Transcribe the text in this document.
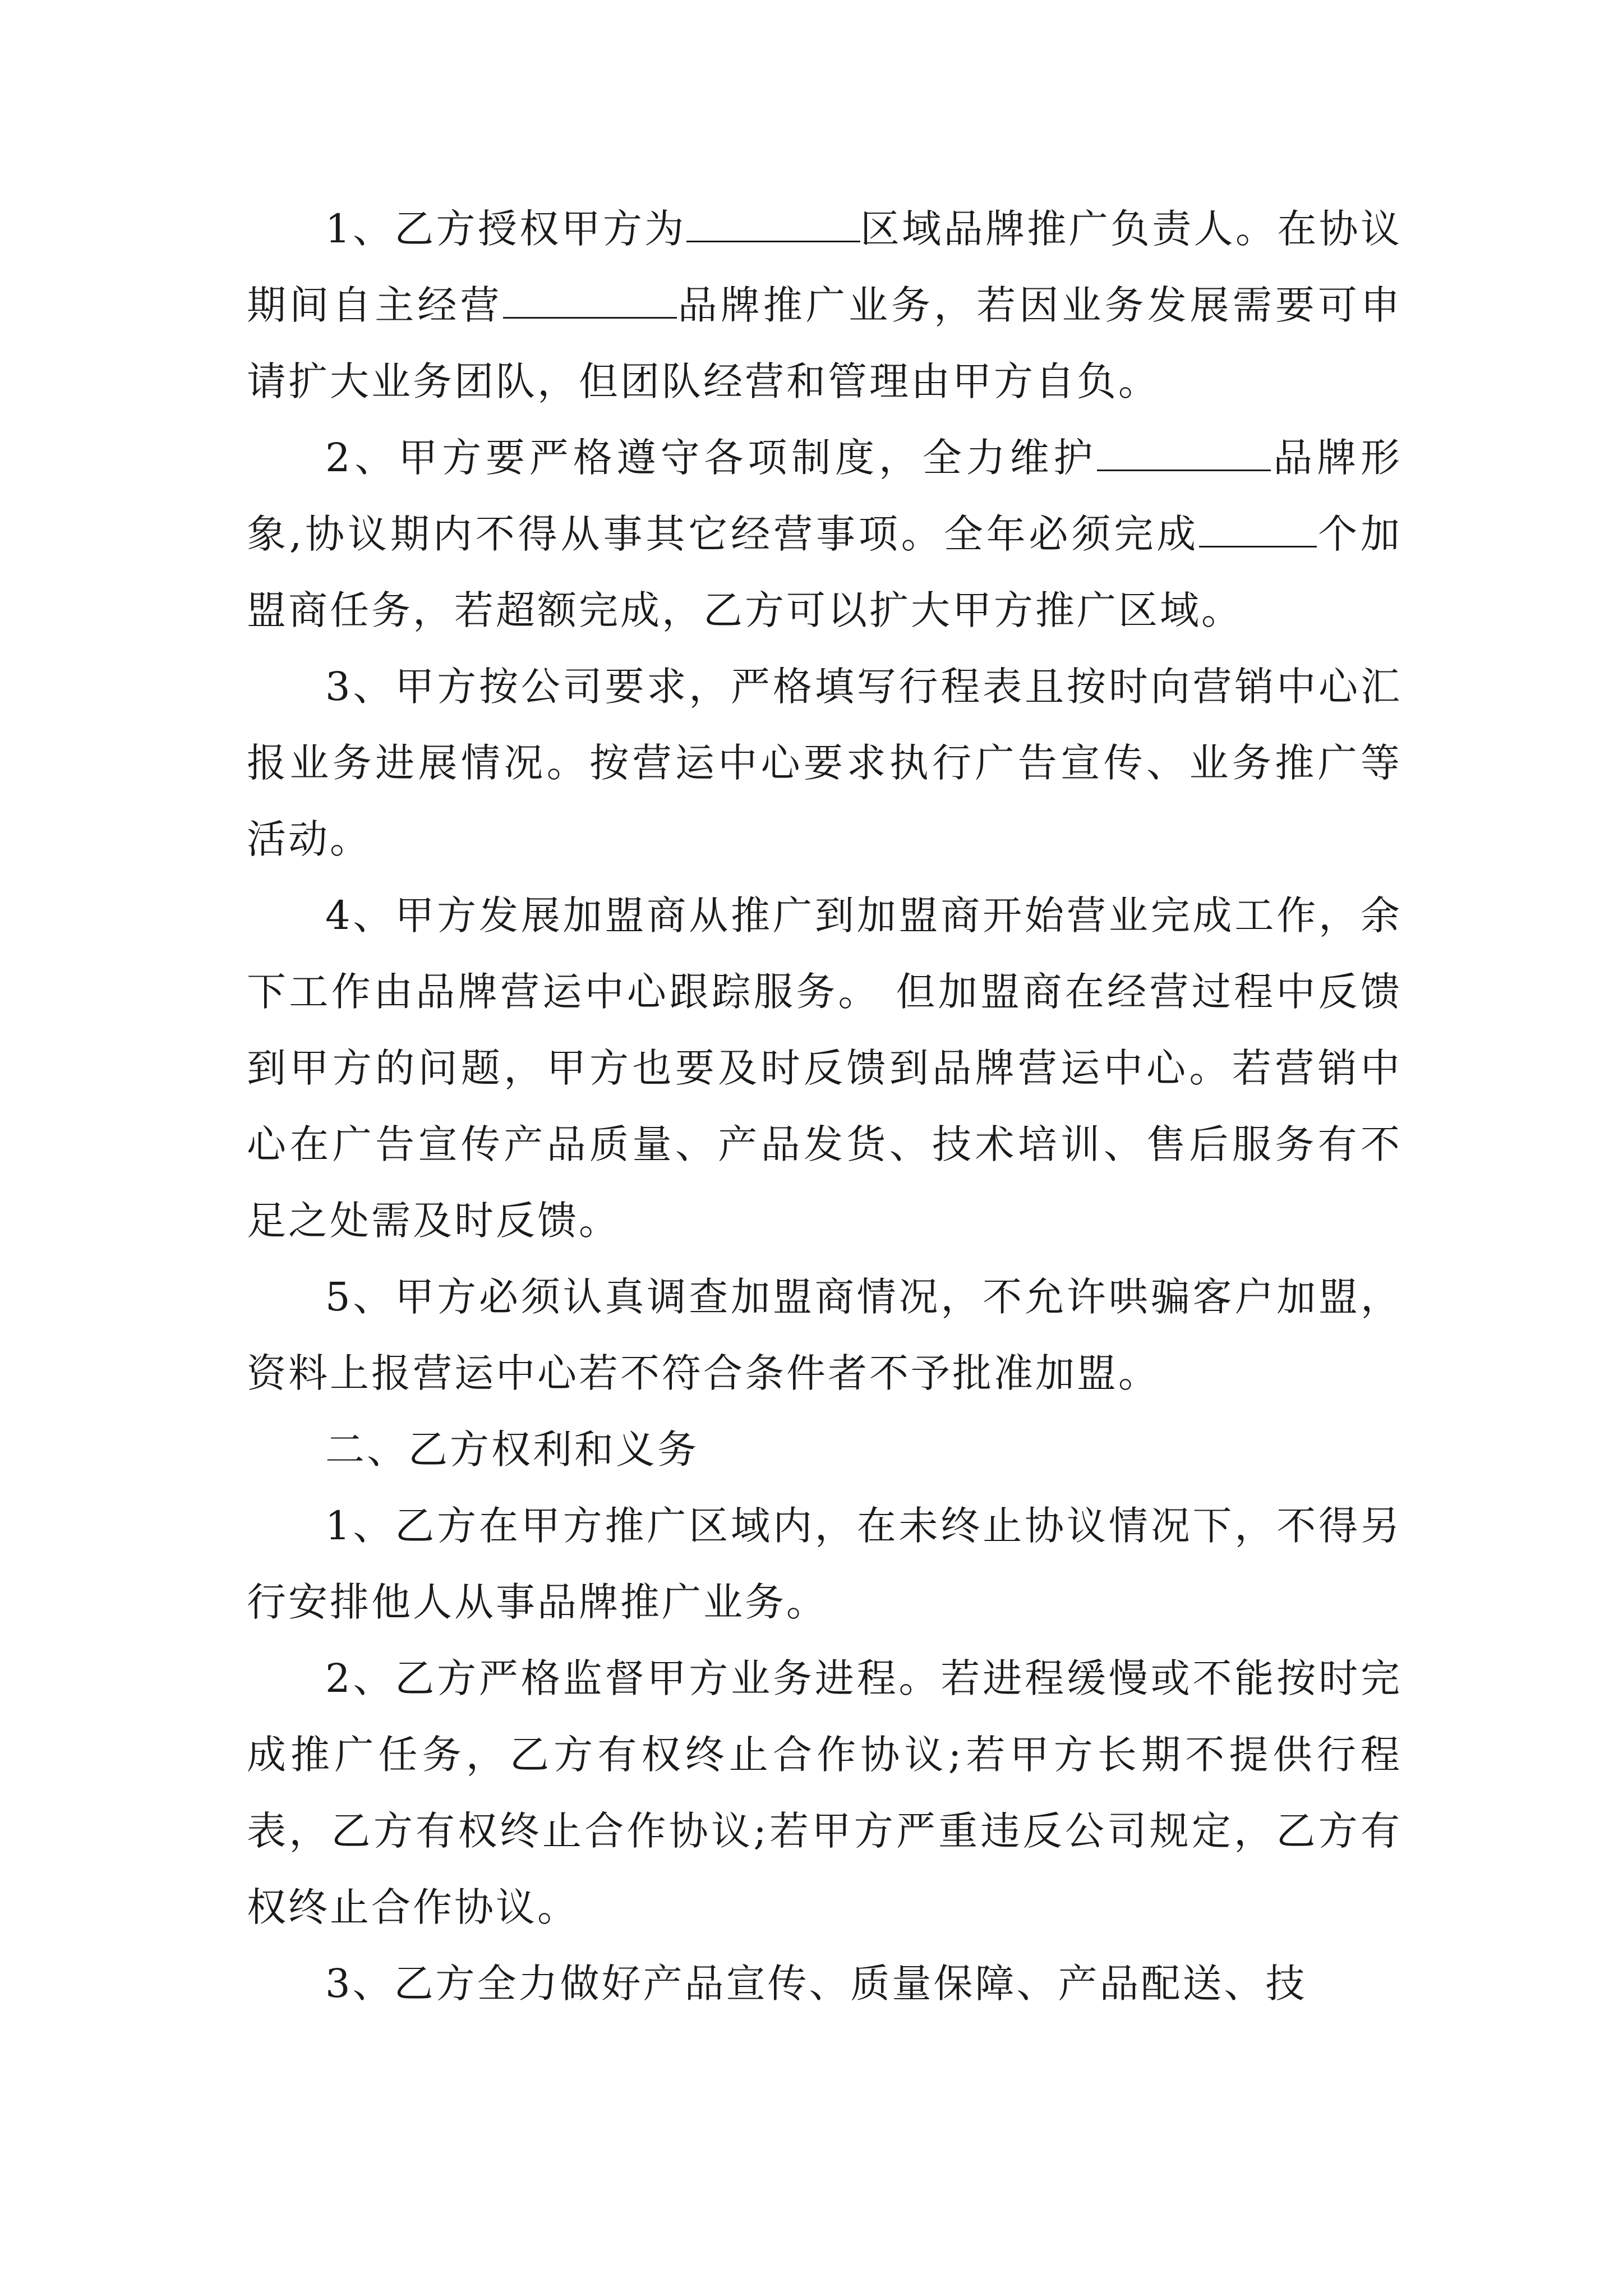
1、乙方授权甲方为	区域品牌推广负责人。在协议期间自主经营	品牌推广业务，若因业务发展需要可申请扩大业务团队，但团队经营和管理由甲方自负。

2、甲方要严格遵守各项制度，全力维护	品牌形象,协议期内不得从事其它经营事项。全年必须完成	个加盟商任务，若超额完成，乙方可以扩大甲方推广区域。

3、甲方按公司要求，严格填写行程表且按时向营销中心汇报业务进展情况。按营运中心要求执行广告宣传、业务推广等活动。

4、甲方发展加盟商从推广到加盟商开始营业完成工作，余下工作由品牌营运中心跟踪服务。 但加盟商在经营过程中反馈到甲方的问题，甲方也要及时反馈到品牌营运中心。若营销中心在广告宣传产品质量、产品发货、技术培训、售后服务有不足之处需及时反馈。

5、甲方必须认真调查加盟商情况，不允许哄骗客户加盟，资料上报营运中心若不符合条件者不予批准加盟。

二、乙方权利和义务

1、乙方在甲方推广区域内，在未终止协议情况下，不得另行安排他人从事品牌推广业务。

2、乙方严格监督甲方业务进程。若进程缓慢或不能按时完成推广任务，乙方有权终止合作协议;若甲方长期不提供行程表，乙方有权终止合作协议;若甲方严重违反公司规定，乙方有权终止合作协议。

3、乙方全力做好产品宣传、质量保障、产品配送、技
